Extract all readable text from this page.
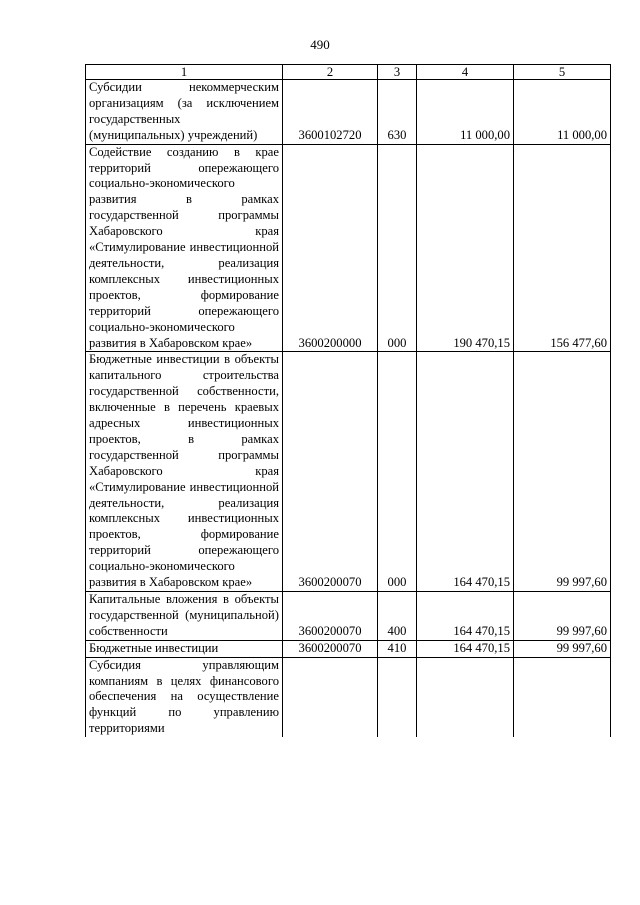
490
1	2	3	4	5
Субсидии некоммерческим организациям (за исключением государственных (муниципальных) учреждений)	3600102720	630	11 000,00	11 000,00
Содействие созданию в крае территорий опережающего социально-экономического развития в рамках государственной программы Хабаровского края «Стимулирование инвестиционной деятельности, реализация комплексных инвестиционных проектов, формирование территорий опережающего социально-экономического развития в Хабаровском крае»	3600200000	000	190 470,15	156 477,60
Бюджетные инвестиции в объекты капитального строительства государственной собственности, включенные в перечень краевых адресных инвестиционных проектов, в рамках государственной программы Хабаровского края «Стимулирование инвестиционной деятельности, реализация комплексных инвестиционных проектов, формирование территорий опережающего социально-экономического развития в Хабаровском крае»	3600200070	000	164 470,15	99 997,60
Капитальные вложения в объекты государственной (муниципальной) собственности	3600200070	400	164 470,15	99 997,60
Бюджетные инвестиции	3600200070	410	164 470,15	99 997,60
Субсидия управляющим компаниям в целях финансового обеспечения на осуществление функций по управлению территориями				
